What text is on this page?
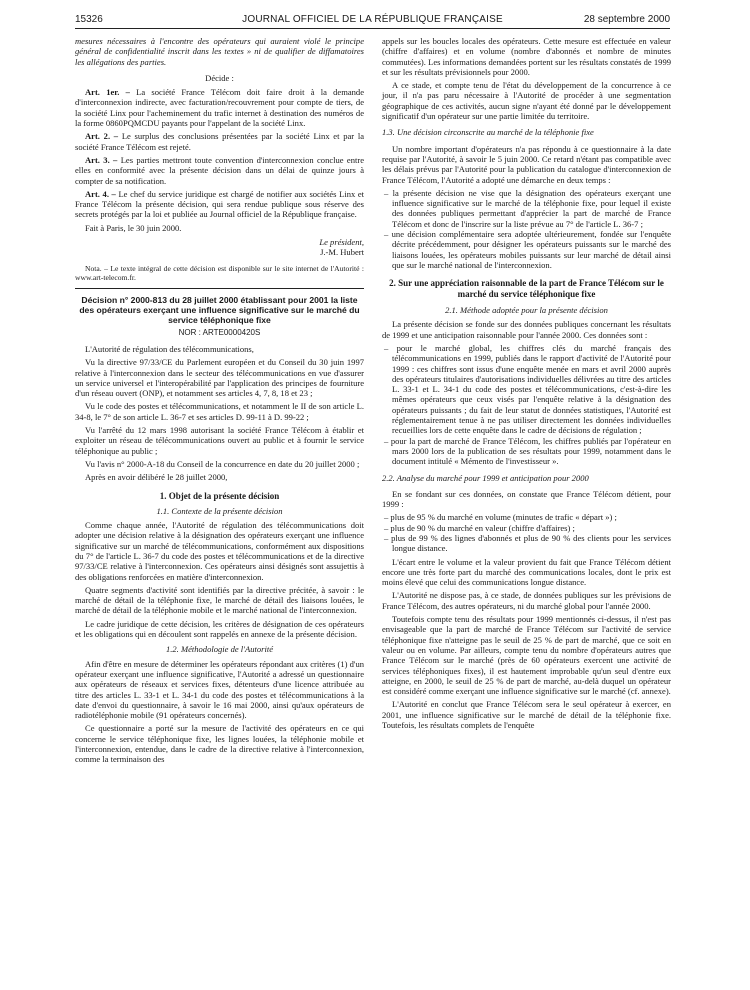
15326	JOURNAL OFFICIEL DE LA RÉPUBLIQUE FRANÇAISE	28 septembre 2000

mesures nécessaires à l'encontre des opérateurs qui auraient violé le principe général de confidentialité inscrit dans les textes » ni de qualifier de diffamatoires les allégations des parties.

Décide :

Art. 1er. – La société France Télécom doit faire droit à la demande d'interconnexion indirecte, avec facturation/recouvrement pour compte de tiers, de la société Linx pour l'acheminement du trafic internet à destination des numéros de la forme 0860PQMCDU payants pour l'appelant de la société Linx.

Art. 2. – Le surplus des conclusions présentées par la société Linx et par la société France Télécom est rejeté.

Art. 3. – Les parties mettront toute convention d'interconnexion conclue entre elles en conformité avec la présente décision dans un délai de quinze jours à compter de sa notification.

Art. 4. – Le chef du service juridique est chargé de notifier aux sociétés Linx et France Télécom la présente décision, qui sera rendue publique sous réserve des secrets protégés par la loi et publiée au Journal officiel de la République française.

Fait à Paris, le 30 juin 2000.

Le président,

J.-M. Hubert

Nota. – Le texte intégral de cette décision est disponible sur le site internet de l'Autorité : www.art-telecom.fr.

Décision n° 2000-813 du 28 juillet 2000 établissant pour 2001 la liste des opérateurs exerçant une influence significative sur le marché du service téléphonique fixe

NOR : ARTE0000420S

L'Autorité de régulation des télécommunications,

Vu la directive 97/33/CE du Parlement européen et du Conseil du 30 juin 1997 relative à l'interconnexion dans le secteur des télécommunications en vue d'assurer un service universel et l'interopérabilité par l'application des principes de fourniture d'un réseau ouvert (ONP), et notamment ses articles 4, 7, 8, 18 et 23 ;

Vu le code des postes et télécommunications, et notamment le II de son article L. 34-8, le 7° de son article L. 36-7 et ses articles D. 99-11 à D. 99-22 ;

Vu l'arrêté du 12 mars 1998 autorisant la société France Télécom à établir et exploiter un réseau de télécommunications ouvert au public et à fournir le service téléphonique au public ;

Vu l'avis n° 2000-A-18 du Conseil de la concurrence en date du 20 juillet 2000 ;

Après en avoir délibéré le 28 juillet 2000,

1. Objet de la présente décision

1.1. Contexte de la présente décision

Comme chaque année, l'Autorité de régulation des télécommunications doit adopter une décision relative à la désignation des opérateurs exerçant une influence significative sur un marché de télécommunications, conformément aux dispositions du 7° de l'article L. 36-7 du code des postes et télécommunications et de la directive 97/33/CE relative à l'interconnexion. Ces opérateurs ainsi désignés sont assujettis à des obligations renforcées en matière d'interconnexion.

Quatre segments d'activité sont identifiés par la directive précitée, à savoir : le marché de détail de la téléphonie fixe, le marché de détail des liaisons louées, le marché de détail de la téléphonie mobile et le marché national de l'interconnexion.

Le cadre juridique de cette décision, les critères de désignation de ces opérateurs et les obligations qui en découlent sont rappelés en annexe de la présente décision.

1.2. Méthodologie de l'Autorité

Afin d'être en mesure de déterminer les opérateurs répondant aux critères (1) d'un opérateur exerçant une influence significative, l'Autorité a adressé un questionnaire aux opérateurs de réseaux et services fixes, détenteurs d'une licence attribuée au titre des articles L. 33-1 et L. 34-1 du code des postes et télécommunications à la date d'envoi du questionnaire, à savoir le 16 mai 2000, ainsi qu'aux opérateurs de radiotéléphonie mobile (91 opérateurs concernés).

Ce questionnaire a porté sur la mesure de l'activité des opérateurs en ce qui concerne le service téléphonique fixe, les lignes louées, la téléphonie mobile et l'interconnexion, entendue, dans le cadre de la directive relative à l'interconnexion, comme la terminaison des

appels sur les boucles locales des opérateurs. Cette mesure est effectuée en valeur (chiffre d'affaires) et en volume (nombre d'abonnés et nombre de minutes commutées). Les informations demandées portent sur les résultats constatés de 1999 et sur les résultats prévisionnels pour 2000.

A ce stade, et compte tenu de l'état du développement de la concurrence à ce jour, il n'a pas paru nécessaire à l'Autorité de procéder à une segmentation géographique de ces activités, aucun signe n'ayant été donné par le développement significatif d'un opérateur sur une partie limitée du territoire.

1.3. Une décision circonscrite au marché de la téléphonie fixe

Un nombre important d'opérateurs n'a pas répondu à ce questionnaire à la date requise par l'Autorité, à savoir le 5 juin 2000. Ce retard n'étant pas compatible avec les délais prévus par l'Autorité pour la publication du catalogue d'interconnexion de France Télécom, l'Autorité a adopté une démarche en deux temps :

– la présente décision ne vise que la désignation des opérateurs exerçant une influence significative sur le marché de la téléphonie fixe, pour lequel il existe des données publiques permettant d'apprécier la part de marché de France Télécom et donc de l'inscrire sur la liste prévue au 7° de l'article L. 36-7 ;
– une décision complémentaire sera adoptée ultérieurement, fondée sur l'enquête décrite précédemment, pour désigner les opérateurs puissants sur le marché des liaisons louées, les opérateurs mobiles puissants sur leur marché de détail ainsi que sur le marché national de l'interconnexion.

2. Sur une appréciation raisonnable de la part de France Télécom sur le marché du service téléphonique fixe

2.1. Méthode adoptée pour la présente décision

La présente décision se fonde sur des données publiques concernant les résultats de 1999 et une anticipation raisonnable pour l'année 2000. Ces données sont :

– pour le marché global, les chiffres clés du marché français des télécommunications en 1999, publiés dans le rapport d'activité de l'Autorité pour 1999 : ces chiffres sont issus d'une enquête menée en mars et avril 2000 auprès des opérateurs titulaires d'autorisations individuelles délivrées au titre des articles L. 33-1 et L. 34-1 du code des postes et télécommunications, c'est-à-dire les mêmes opérateurs que ceux visés par l'enquête relative à la désignation des opérateurs puissants ; du fait de leur statut de données statistiques, l'Autorité est réglementairement tenue à ne pas utiliser directement les données individuelles recueillies lors de cette enquête dans le cadre de décisions de régulation ;
– pour la part de marché de France Télécom, les chiffres publiés par l'opérateur en mars 2000 lors de la publication de ses résultats pour 1999, notamment dans le document intitulé « Mémento de l'investisseur ».

2.2. Analyse du marché pour 1999 et anticipation pour 2000

En se fondant sur ces données, on constate que France Télécom détient, pour 1999 :

– plus de 95 % du marché en volume (minutes de trafic « départ ») ;
– plus de 90 % du marché en valeur (chiffre d'affaires) ;
– plus de 99 % des lignes d'abonnés et plus de 90 % des clients pour les services longue distance.

L'écart entre le volume et la valeur provient du fait que France Télécom détient encore une très forte part du marché des communications locales, dont le prix est moins élevé que celui des communications longue distance.

L'Autorité ne dispose pas, à ce stade, de données publiques sur les prévisions de France Télécom, des autres opérateurs, ni du marché global pour l'année 2000.

Toutefois compte tenu des résultats pour 1999 mentionnés ci-dessus, il n'est pas envisageable que la part de marché de France Télécom sur l'activité de service téléphonique fixe n'atteigne pas le seuil de 25 % de part de marché, que ce soit en valeur ou en volume. Par ailleurs, compte tenu du nombre d'opérateurs autres que France Télécom sur le marché (près de 60 opérateurs exercent une activité de services téléphoniques fixes), il est hautement improbable qu'un seul d'entre eux atteigne, en 2000, le seuil de 25 % de part de marché, au-delà duquel un opérateur est considéré comme exerçant une influence significative sur le marché (cf. annexe).

L'Autorité en conclut que France Télécom sera le seul opérateur à exercer, en 2001, une influence significative sur le marché de détail de la téléphonie fixe. Toutefois, les résultats complets de l'enquête
